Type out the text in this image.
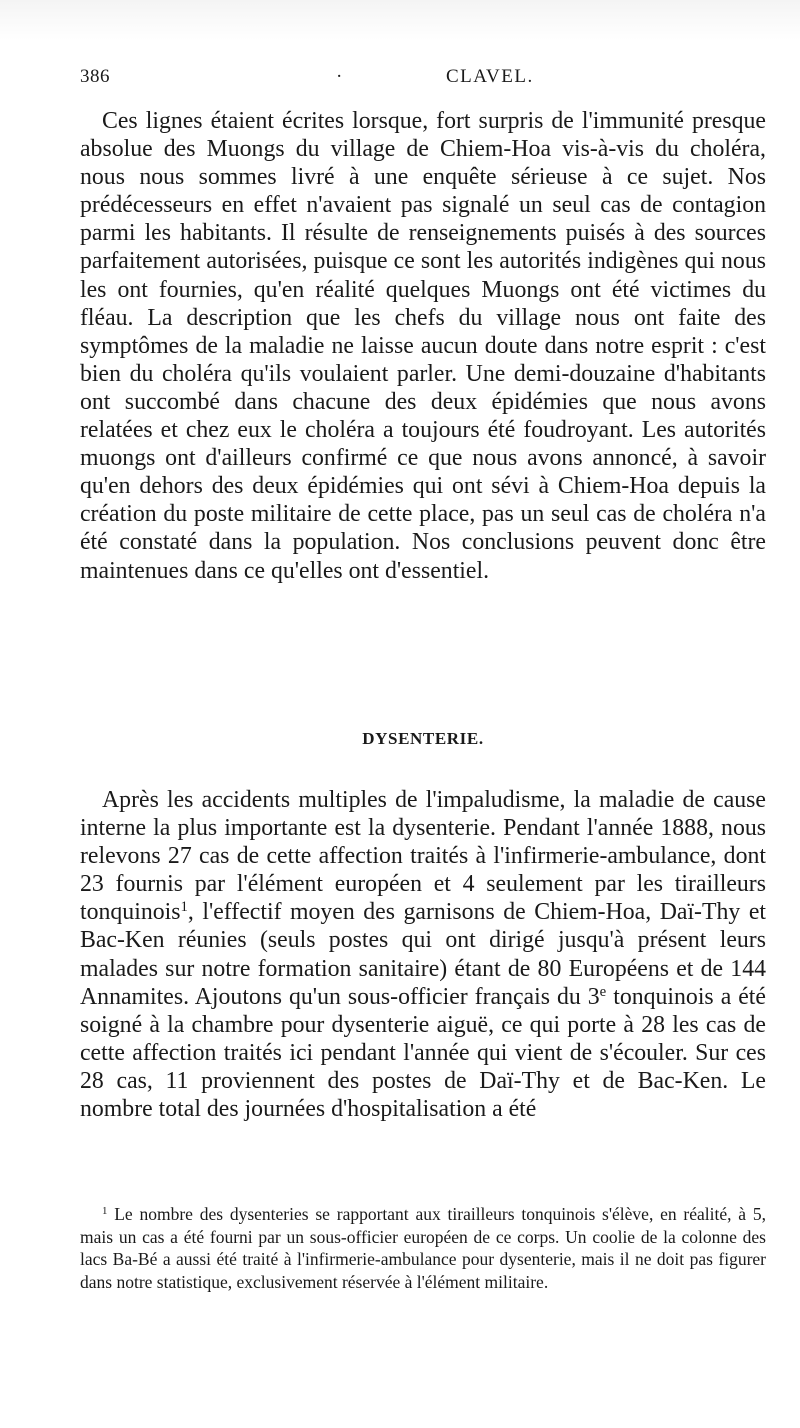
386	·	CLAVEL.

Ces lignes étaient écrites lorsque, fort surpris de l'immunité presque absolue des Muongs du village de Chiem-Hoa vis-à-vis du choléra, nous nous sommes livré à une enquête sérieuse à ce sujet. Nos prédécesseurs en effet n'avaient pas signalé un seul cas de contagion parmi les habitants. Il résulte de renseignements puisés à des sources parfaitement autorisées, puisque ce sont les autorités indigènes qui nous les ont fournies, qu'en réalité quelques Muongs ont été victimes du fléau. La description que les chefs du village nous ont faite des symptômes de la maladie ne laisse aucun doute dans notre esprit : c'est bien du choléra qu'ils voulaient parler. Une demi-douzaine d'habitants ont succombé dans chacune des deux épidémies que nous avons relatées et chez eux le choléra a toujours été foudroyant. Les autorités muongs ont d'ailleurs confirmé ce que nous avons annoncé, à savoir qu'en dehors des deux épidémies qui ont sévi à Chiem-Hoa depuis la création du poste militaire de cette place, pas un seul cas de choléra n'a été constaté dans la population. Nos conclusions peuvent donc être maintenues dans ce qu'elles ont d'essentiel.

DYSENTERIE.

Après les accidents multiples de l'impaludisme, la maladie de cause interne la plus importante est la dysenterie. Pendant l'année 1888, nous relevons 27 cas de cette affection traités à l'infirmerie-ambulance, dont 23 fournis par l'élément européen et 4 seulement par les tirailleurs tonquinois$^1$, l'effectif moyen des garnisons de Chiem-Hoa, Daï-Thy et Bac-Ken réunies (seuls postes qui ont dirigé jusqu'à présent leurs malades sur notre formation sanitaire) étant de 80 Européens et de 144 Annamites. Ajoutons qu'un sous-officier français du 3e tonquinois a été soigné à la chambre pour dysenterie aiguë, ce qui porte à 28 les cas de cette affection traités ici pendant l'année qui vient de s'écouler. Sur ces 28 cas, 11 proviennent des postes de Daï-Thy et de Bac-Ken. Le nombre total des journées d'hospitalisation a été

$^1$ Le nombre des dysenteries se rapportant aux tirailleurs tonquinois s'élève, en réalité, à 5, mais un cas a été fourni par un sous-officier européen de ce corps. Un coolie de la colonne des lacs Ba-Bé a aussi été traité à l'infirmerie-ambulance pour dysenterie, mais il ne doit pas figurer dans notre statistique, exclusivement réservée à l'élément militaire.
